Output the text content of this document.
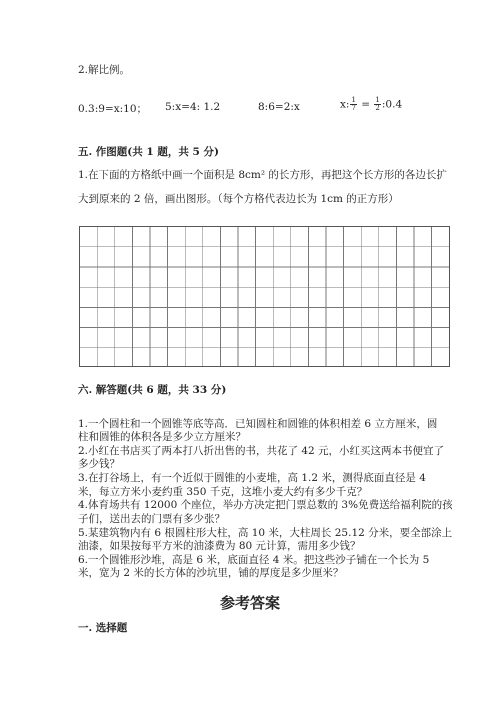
2.解比例。
0.3:9=x:10； 5:x=4: 1.2	8:6=2:x	x: $\frac{1}{7} = \frac{1}{2}$ :0.4
五. 作图题(共 1 题，共 5 分)
1.在下面的方格纸中画一个面积是 8cm² 的长方形，再把这个长方形的各边长扩
大到原来的 2 倍，画出图形。（每个方格代表边长为 1cm 的正方形）
六. 解答题(共 6 题，共 33 分)
1.一个圆柱和一个圆锥等底等高．已知圆柱和圆锥的体积相差 6 立方厘米，圆
柱和圆锥的体积各是多少立方厘米？
2.小红在书店买了两本打八折出售的书，共花了 42 元，小红买这两本书便宜了
多少钱？
3.在打谷场上，有一个近似于圆锥的小麦堆，高 1.2 米，测得底面直径是 4
米，每立方米小麦约重 350 千克，这堆小麦大约有多少千克？
4.体育场共有 12000 个座位，举办方决定把门票总数的 3%免费送给福利院的孩
子们，送出去的门票有多少张？
5.某建筑物内有 6 根圆柱形大柱，高 10 米，大柱周长 25.12 分米，要全部涂上
油漆，如果按每平方米的油漆费为 80 元计算，需用多少钱？
6.一个圆锥形沙堆，高是 6 米，底面直径 4 米。把这些沙子铺在一个长为 5
米，宽为 2 米的长方体的沙坑里，铺的厚度是多少厘米？
参考答案
一. 选择题
